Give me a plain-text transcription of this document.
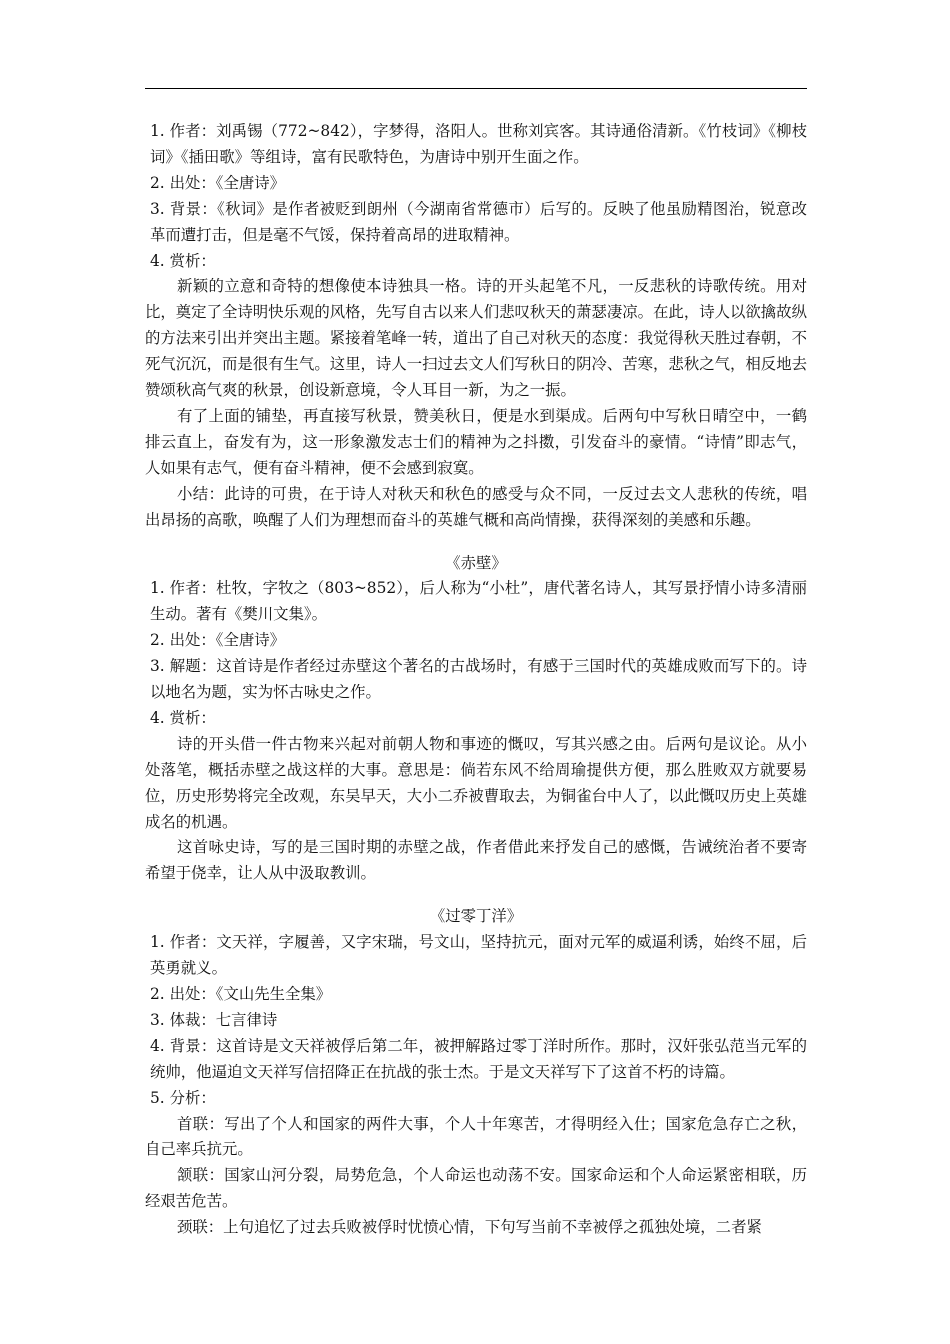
1. 作者：刘禹锡（772~842），字梦得，洛阳人。世称刘宾客。其诗通俗清新。《竹枝词》《柳枝词》《插田歌》等组诗，富有民歌特色，为唐诗中别开生面之作。
2. 出处：《全唐诗》
3. 背景：《秋词》是作者被贬到朗州（今湖南省常德市）后写的。反映了他虽励精图治，锐意改革而遭打击，但是毫不气馁，保持着高昂的进取精神。
4. 赏析：
新颖的立意和奇特的想像使本诗独具一格。诗的开头起笔不凡，一反悲秋的诗歌传统。用对比，奠定了全诗明快乐观的风格，先写自古以来人们悲叹秋天的萧瑟凄凉。在此，诗人以欲擒故纵的方法来引出并突出主题。紧接着笔峰一转，道出了自己对秋天的态度：我觉得秋天胜过春朝，不死气沉沉，而是很有生气。这里，诗人一扫过去文人们写秋日的阴冷、苦寒，悲秋之气，相反地去赞颂秋高气爽的秋景，创设新意境，令人耳目一新，为之一振。
有了上面的铺垫，再直接写秋景，赞美秋日，便是水到渠成。后两句中写秋日晴空中，一鹤排云直上，奋发有为，这一形象激发志士们的精神为之抖擞，引发奋斗的豪情。“诗情”即志气，人如果有志气，便有奋斗精神，便不会感到寂寞。
小结：此诗的可贵，在于诗人对秋天和秋色的感受与众不同，一反过去文人悲秋的传统，唱出昂扬的高歌，唤醒了人们为理想而奋斗的英雄气概和高尚情操，获得深刻的美感和乐趣。
《赤壁》
1. 作者：杜牧，字牧之（803~852），后人称为“小杜”，唐代著名诗人，其写景抒情小诗多清丽生动。著有《樊川文集》。
2. 出处：《全唐诗》
3. 解题：这首诗是作者经过赤壁这个著名的古战场时，有感于三国时代的英雄成败而写下的。诗以地名为题，实为怀古咏史之作。
4. 赏析：
诗的开头借一件古物来兴起对前朝人物和事迹的慨叹，写其兴感之由。后两句是议论。从小处落笔，概括赤壁之战这样的大事。意思是：倘若东风不给周瑜提供方便，那么胜败双方就要易位，历史形势将完全改观，东吴早天，大小二乔被曹取去，为铜雀台中人了，以此慨叹历史上英雄成名的机遇。
这首咏史诗，写的是三国时期的赤壁之战，作者借此来抒发自己的感慨，告诫统治者不要寄希望于侥幸，让人从中汲取教训。
《过零丁洋》
1. 作者：文天祥，字履善，又字宋瑞，号文山，坚持抗元，面对元军的威逼利诱，始终不屈，后英勇就义。
2. 出处：《文山先生全集》
3. 体裁：七言律诗
4. 背景：这首诗是文天祥被俘后第二年，被押解路过零丁洋时所作。那时，汉奸张弘范当元军的统帅，他逼迫文天祥写信招降正在抗战的张士杰。于是文天祥写下了这首不朽的诗篇。
5. 分析：
首联：写出了个人和国家的两件大事，个人十年寒苦，才得明经入仕；国家危急存亡之秋，自己率兵抗元。
颔联：国家山河分裂，局势危急，个人命运也动荡不安。国家命运和个人命运紧密相联，历经艰苦危苦。
颈联：上句追忆了过去兵败被俘时忧愤心情，下句写当前不幸被俘之孤独处境，二者紧
